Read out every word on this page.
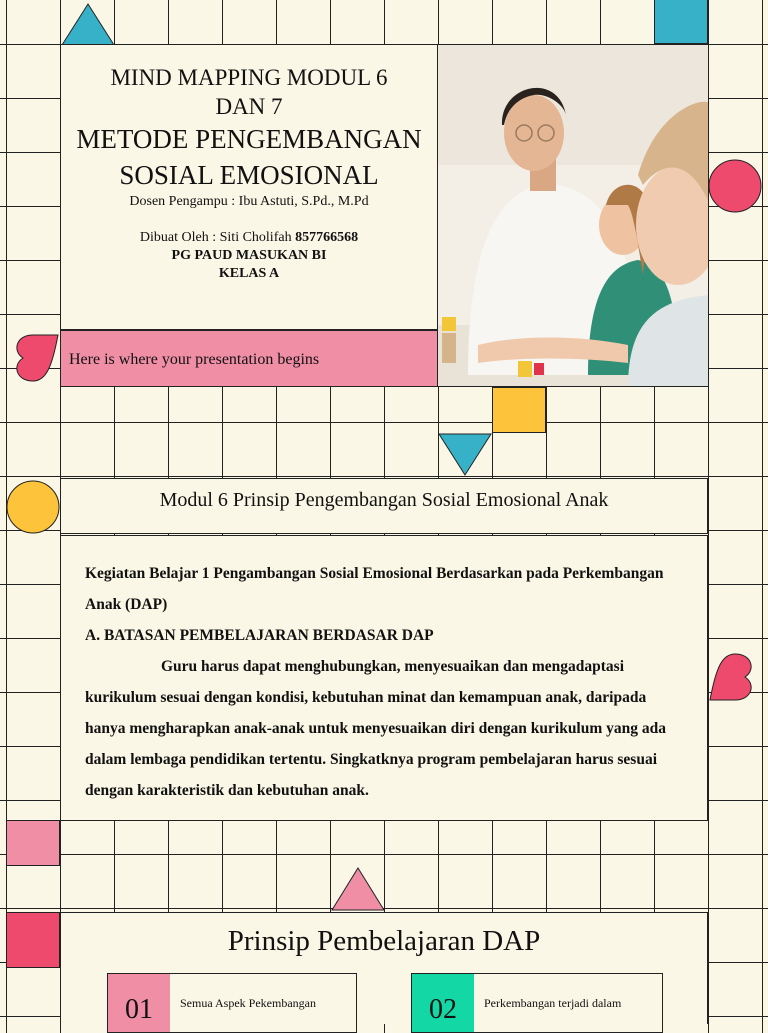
MIND MAPPING MODUL 6 DAN 7
METODE PENGEMBANGAN SOSIAL EMOSIONAL
Dosen Pengampu : Ibu Astuti, S.Pd., M.Pd
Dibuat Oleh : Siti Cholifah 857766568
PG PAUD MASUKAN BI
KELAS A
Here is where your presentation begins
Modul 6 Prinsip Pengembangan Sosial Emosional Anak

Kegiatan Belajar 1 Pengambangan Sosial Emosional Berdasarkan pada Perkembangan Anak (DAP)

A. BATASAN PEMBELAJARAN BERDASAR DAP

Guru harus dapat menghubungkan, menyesuaikan dan mengadaptasi kurikulum sesuai dengan kondisi, kebutuhan minat dan kemampuan anak, daripada hanya mengharapkan anak-anak untuk menyesuaikan diri dengan kurikulum yang ada dalam lembaga pendidikan tertentu. Singkatknya program pembelajaran harus sesuai dengan karakteristik dan kebutuhan anak.

Prinsip Pembelajaran DAP
01	Semua Aspek Pekembangan	02	Perkembangan terjadi dalam
